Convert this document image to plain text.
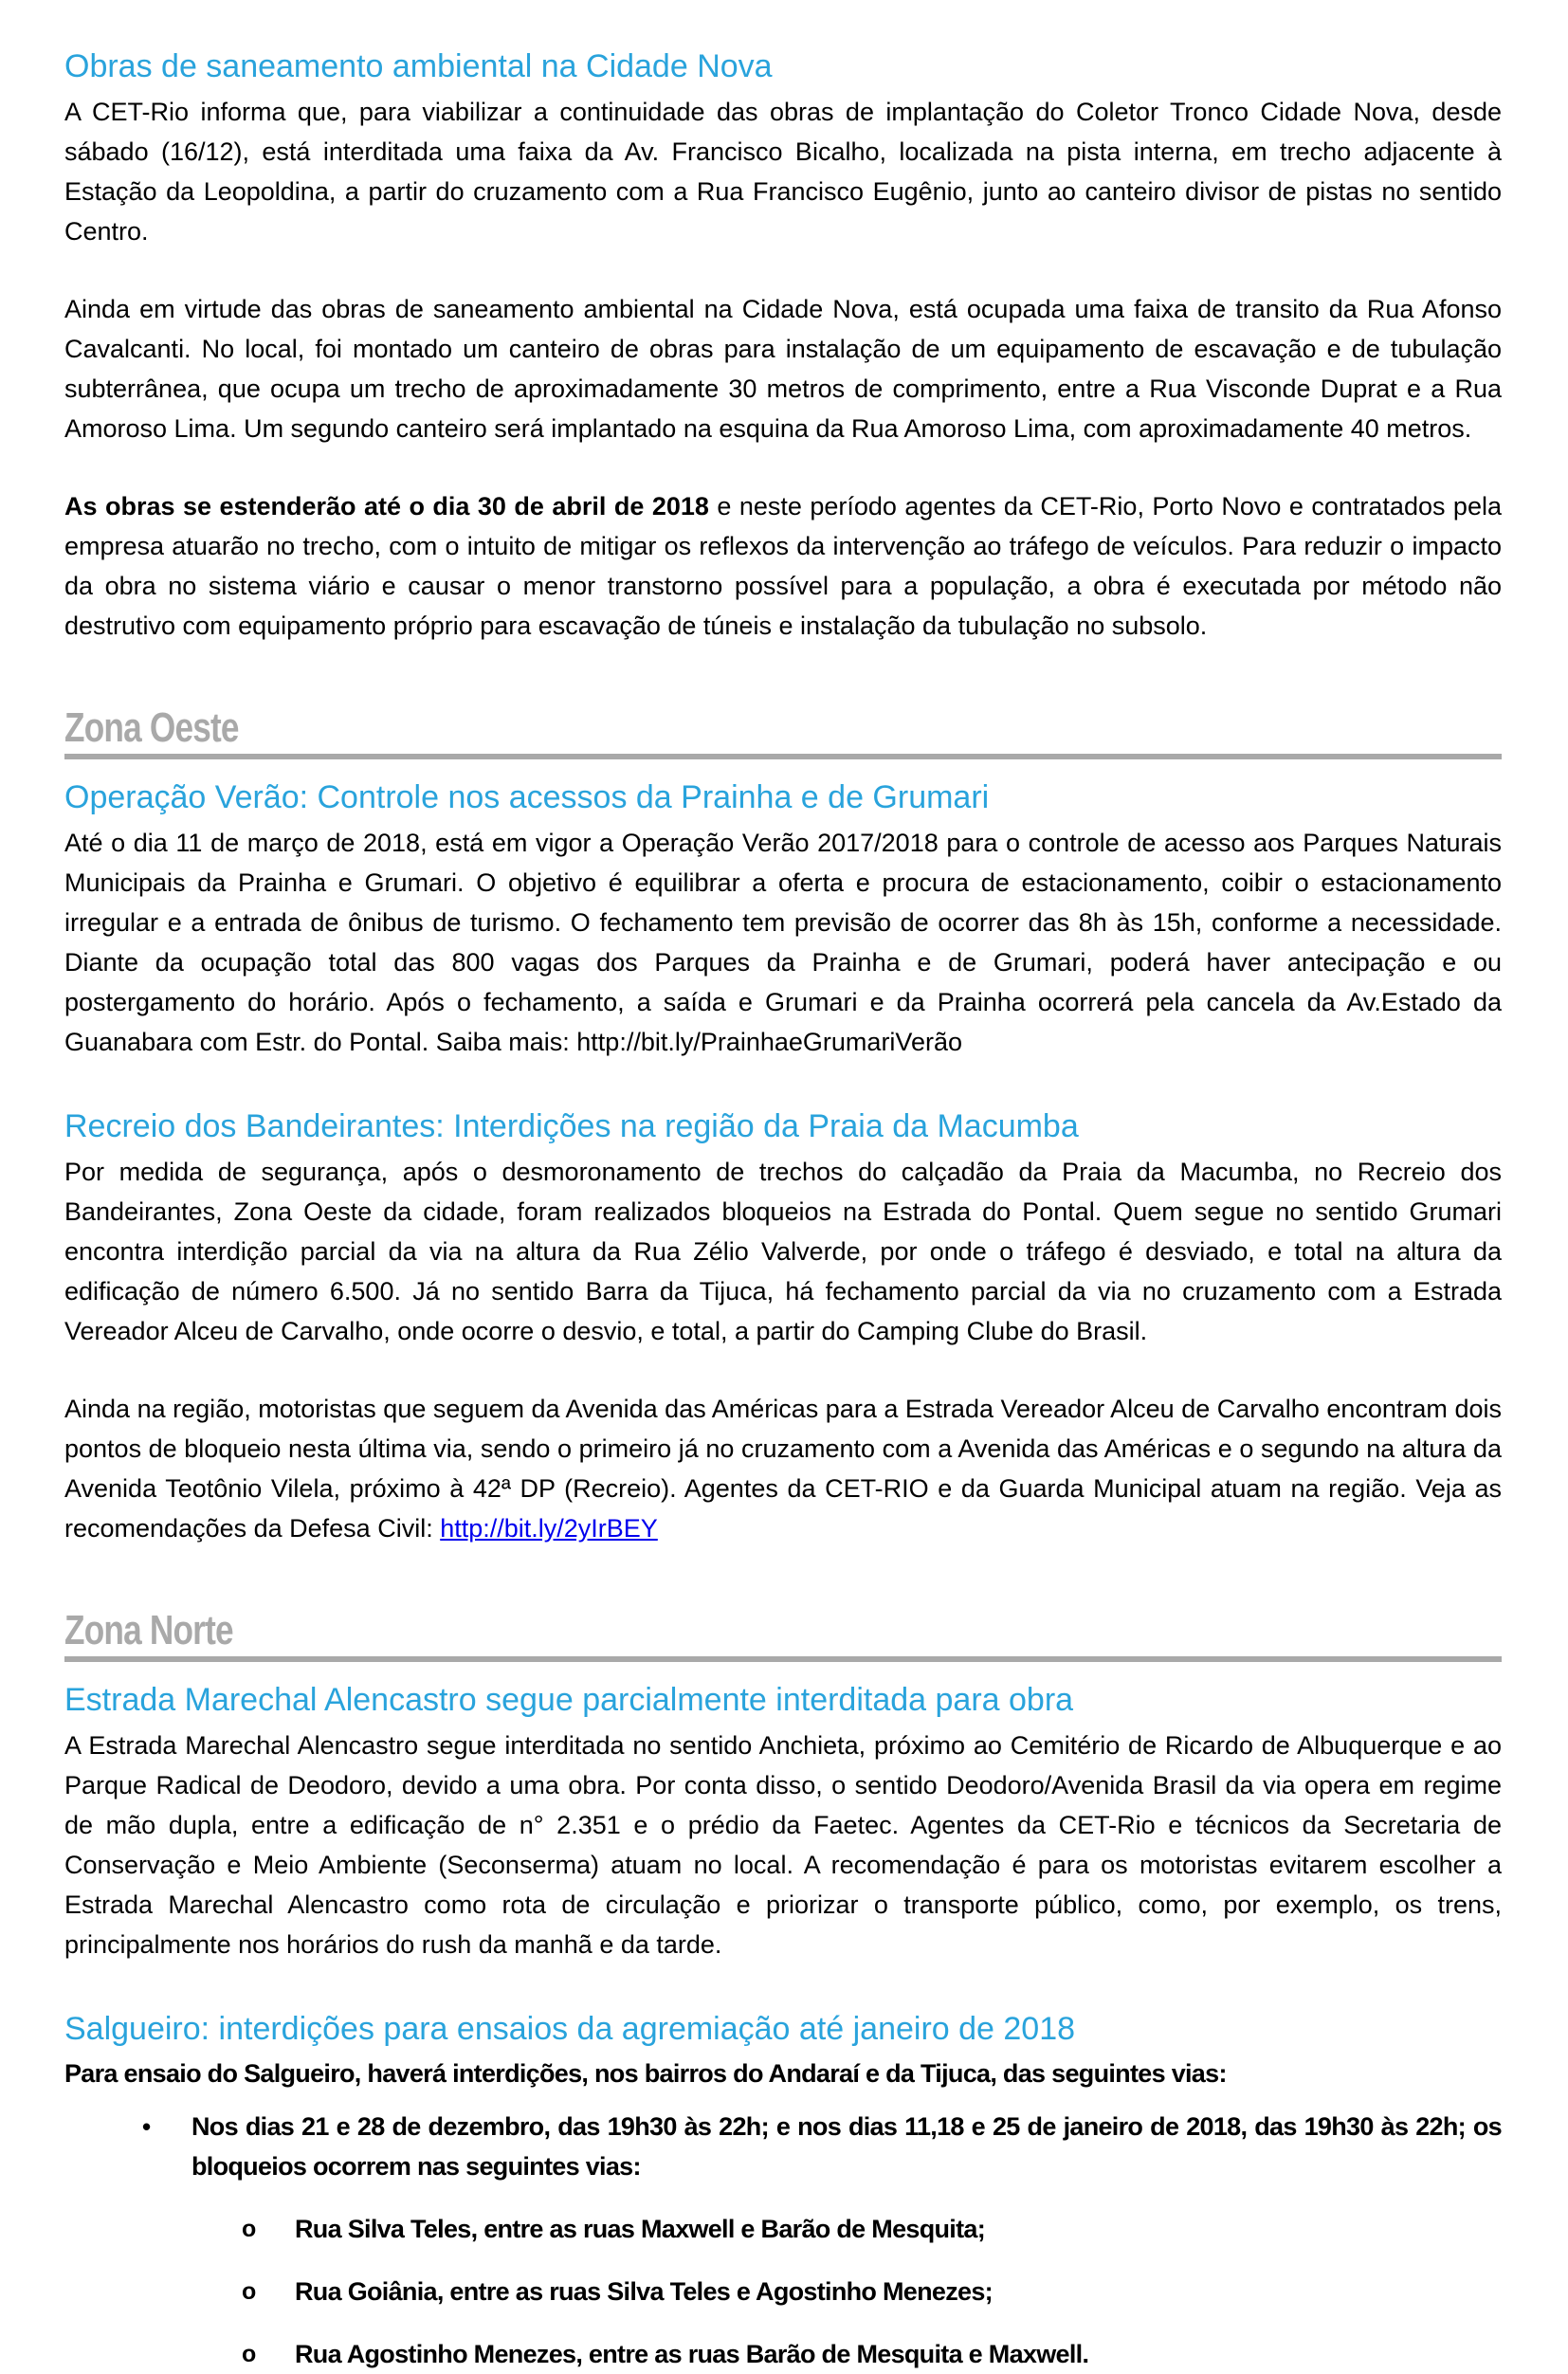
Obras de saneamento ambiental na Cidade Nova

A CET-Rio informa que, para viabilizar a continuidade das obras de implantação do Coletor Tronco Cidade Nova, desde sábado (16/12), está interditada uma faixa da Av. Francisco Bicalho, localizada na pista interna, em trecho adjacente à Estação da Leopoldina, a partir do cruzamento com a Rua Francisco Eugênio, junto ao canteiro divisor de pistas no sentido Centro.

Ainda em virtude das obras de saneamento ambiental na Cidade Nova, está ocupada uma faixa de transito da Rua Afonso Cavalcanti. No local, foi montado um canteiro de obras para instalação de um equipamento de escavação e de tubulação subterrânea, que ocupa um trecho de aproximadamente 30 metros de comprimento, entre a Rua Visconde Duprat e a Rua Amoroso Lima. Um segundo canteiro será implantado na esquina da Rua Amoroso Lima, com aproximadamente 40 metros.

As obras se estenderão até o dia 30 de abril de 2018 e neste período agentes da CET-Rio, Porto Novo e contratados pela empresa atuarão no trecho, com o intuito de mitigar os reflexos da intervenção ao tráfego de veículos. Para reduzir o impacto da obra no sistema viário e causar o menor transtorno possível para a população, a obra é executada por método não destrutivo com equipamento próprio para escavação de túneis e instalação da tubulação no subsolo.

Zona Oeste
Operação Verão: Controle nos acessos da Prainha e de Grumari

Até o dia 11 de março de 2018, está em vigor a Operação Verão 2017/2018 para o controle de acesso aos Parques Naturais Municipais da Prainha e Grumari. O objetivo é equilibrar a oferta e procura de estacionamento, coibir o estacionamento irregular e a entrada de ônibus de turismo. O fechamento tem previsão de ocorrer das 8h às 15h, conforme a necessidade. Diante da ocupação total das 800 vagas dos Parques da Prainha e de Grumari, poderá haver antecipação e ou postergamento do horário. Após o fechamento, a saída e Grumari e da Prainha ocorrerá pela cancela da Av.Estado da Guanabara com Estr. do Pontal. Saiba mais: http://bit.ly/PrainhaeGrumariVerão

Recreio dos Bandeirantes: Interdições na região da Praia da Macumba

Por medida de segurança, após o desmoronamento de trechos do calçadão da Praia da Macumba, no Recreio dos Bandeirantes, Zona Oeste da cidade, foram realizados bloqueios na Estrada do Pontal. Quem segue no sentido Grumari encontra interdição parcial da via na altura da Rua Zélio Valverde, por onde o tráfego é desviado, e total na altura da edificação de número 6.500. Já no sentido Barra da Tijuca, há fechamento parcial da via no cruzamento com a Estrada Vereador Alceu de Carvalho, onde ocorre o desvio, e total, a partir do Camping Clube do Brasil.

Ainda na região, motoristas que seguem da Avenida das Américas para a Estrada Vereador Alceu de Carvalho encontram dois pontos de bloqueio nesta última via, sendo o primeiro já no cruzamento com a Avenida das Américas e o segundo na altura da Avenida Teotônio Vilela, próximo à 42ª DP (Recreio). Agentes da CET-RIO e da Guarda Municipal atuam na região. Veja as recomendações da Defesa Civil: http://bit.ly/2yIrBEY

Zona Norte
Estrada Marechal Alencastro segue parcialmente interditada para obra

A Estrada Marechal Alencastro segue interditada no sentido Anchieta, próximo ao Cemitério de Ricardo de Albuquerque e ao Parque Radical de Deodoro, devido a uma obra. Por conta disso, o sentido Deodoro/Avenida Brasil da via opera em regime de mão dupla, entre a edificação de n° 2.351 e o prédio da Faetec. Agentes da CET-Rio e técnicos da Secretaria de Conservação e Meio Ambiente (Seconserma) atuam no local. A recomendação é para os motoristas evitarem escolher a Estrada Marechal Alencastro como rota de circulação e priorizar o transporte público, como, por exemplo, os trens, principalmente nos horários do rush da manhã e da tarde.

Salgueiro: interdições para ensaios da agremiação até janeiro de 2018

Para ensaio do Salgueiro, haverá interdições, nos bairros do Andaraí e da Tijuca, das seguintes vias:

•	Nos dias 21 e 28 de dezembro, das 19h30 às 22h; e nos dias 11,18 e 25 de janeiro de 2018, das 19h30 às 22h; os bloqueios ocorrem nas seguintes vias:
o	Rua Silva Teles, entre as ruas Maxwell e Barão de Mesquita;
o	Rua Goiânia, entre as ruas Silva Teles e Agostinho Menezes;
o	Rua Agostinho Menezes, entre as ruas Barão de Mesquita e Maxwell.
